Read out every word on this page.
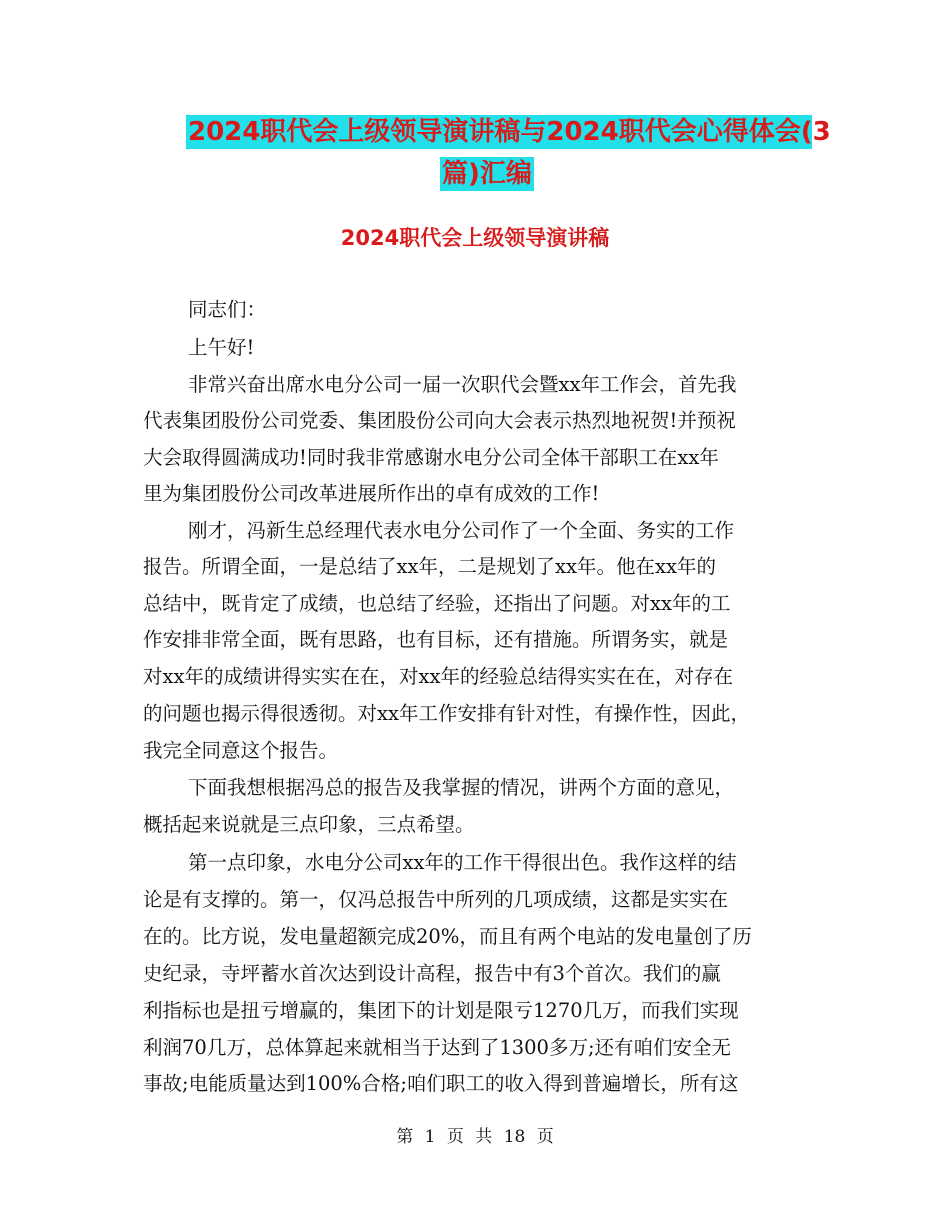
2024职代会上级领导演讲稿与2024职代会心得体会(3
篇)汇编
2024职代会上级领导演讲稿

同志们：

上午好!

非常兴奋出席水电分公司一届一次职代会暨xx年工作会，首先我

代表集团股份公司党委、集团股份公司向大会表示热烈地祝贺!并预祝

大会取得圆满成功!同时我非常感谢水电分公司全体干部职工在xx年

里为集团股份公司改革进展所作出的卓有成效的工作!

刚才，冯新生总经理代表水电分公司作了一个全面、务实的工作

报告。所谓全面，一是总结了xx年，二是规划了xx年。他在xx年的

总结中，既肯定了成绩，也总结了经验，还指出了问题。对xx年的工

作安排非常全面，既有思路，也有目标，还有措施。所谓务实，就是

对xx年的成绩讲得实实在在，对xx年的经验总结得实实在在，对存在

的问题也揭示得很透彻。对xx年工作安排有针对性，有操作性，因此，

我完全同意这个报告。

下面我想根据冯总的报告及我掌握的情况，讲两个方面的意见，

概括起来说就是三点印象，三点希望。

第一点印象，水电分公司xx年的工作干得很出色。我作这样的结

论是有支撑的。第一，仅冯总报告中所列的几项成绩，这都是实实在

在的。比方说，发电量超额完成20%，而且有两个电站的发电量创了历

史纪录，寺坪蓄水首次达到设计高程，报告中有3个首次。我们的赢

利指标也是扭亏增赢的，集团下的计划是限亏1270几万，而我们实现

利润70几万，总体算起来就相当于达到了1300多万;还有咱们安全无

事故;电能质量达到100%合格;咱们职工的收入得到普遍增长，所有这

第 1 页 共 18 页
